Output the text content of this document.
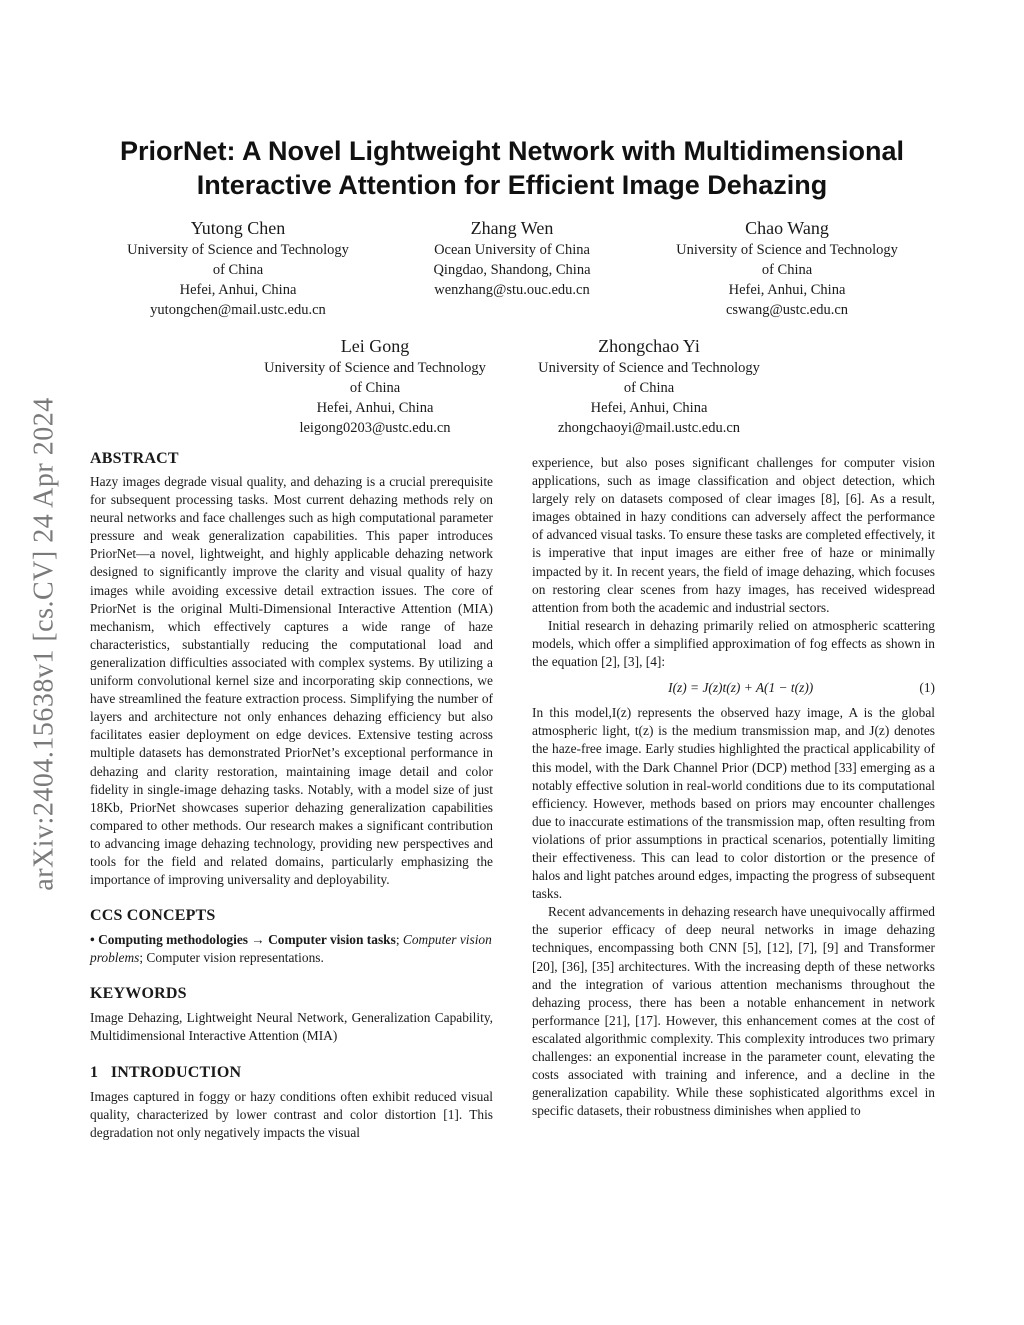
arXiv:2404.15638v1 [cs.CV] 24 Apr 2024
PriorNet: A Novel Lightweight Network with Multidimensional
Interactive Attention for Efficient Image Dehazing
Yutong Chen
University of Science and Technology
of China
Hefei, Anhui, China
yutongchen@mail.ustc.edu.cn
Zhang Wen
Ocean University of China
Qingdao, Shandong, China
wenzhang@stu.ouc.edu.cn
Chao Wang
University of Science and Technology
of China
Hefei, Anhui, China
cswang@ustc.edu.cn
Lei Gong
University of Science and Technology
of China
Hefei, Anhui, China
leigong0203@ustc.edu.cn
Zhongchao Yi
University of Science and Technology
of China
Hefei, Anhui, China
zhongchaoyi@mail.ustc.edu.cn
ABSTRACT

Hazy images degrade visual quality, and dehazing is a crucial prerequisite for subsequent processing tasks. Most current dehazing methods rely on neural networks and face challenges such as high computational parameter pressure and weak generalization capabilities. This paper introduces PriorNet—a novel, lightweight, and highly applicable dehazing network designed to significantly improve the clarity and visual quality of hazy images while avoiding excessive detail extraction issues. The core of PriorNet is the original Multi-Dimensional Interactive Attention (MIA) mechanism, which effectively captures a wide range of haze characteristics, substantially reducing the computational load and generalization difficulties associated with complex systems. By utilizing a uniform convolutional kernel size and incorporating skip connections, we have streamlined the feature extraction process. Simplifying the number of layers and architecture not only enhances dehazing efficiency but also facilitates easier deployment on edge devices. Extensive testing across multiple datasets has demonstrated PriorNet’s exceptional performance in dehazing and clarity restoration, maintaining image detail and color fidelity in single-image dehazing tasks. Notably, with a model size of just 18Kb, PriorNet showcases superior dehazing generalization capabilities compared to other methods. Our research makes a significant contribution to advancing image dehazing technology, providing new perspectives and tools for the field and related domains, particularly emphasizing the importance of improving universality and deployability.

CCS CONCEPTS

• Computing methodologies → Computer vision tasks; Computer vision problems; Computer vision representations.

KEYWORDS

Image Dehazing, Lightweight Neural Network, Generalization Capability, Multidimensional Interactive Attention (MIA)

1 INTRODUCTION

Images captured in foggy or hazy conditions often exhibit reduced visual quality, characterized by lower contrast and color distortion [1]. This degradation not only negatively impacts the visual

experience, but also poses significant challenges for computer vision applications, such as image classification and object detection, which largely rely on datasets composed of clear images [8], [6]. As a result, images obtained in hazy conditions can adversely affect the performance of advanced visual tasks. To ensure these tasks are completed effectively, it is imperative that input images are either free of haze or minimally impacted by it. In recent years, the field of image dehazing, which focuses on restoring clear scenes from hazy images, has received widespread attention from both the academic and industrial sectors.

Initial research in dehazing primarily relied on atmospheric scattering models, which offer a simplified approximation of fog effects as shown in the equation [2], [3], [4]:

I(z) = J(z)t(z) + A(1 − t(z))	(1)

In this model,I(z) represents the observed hazy image, A is the global atmospheric light, t(z) is the medium transmission map, and J(z) denotes the haze-free image. Early studies highlighted the practical applicability of this model, with the Dark Channel Prior (DCP) method [33] emerging as a notably effective solution in real-world conditions due to its computational efficiency. However, methods based on priors may encounter challenges due to inaccurate estimations of the transmission map, often resulting from violations of prior assumptions in practical scenarios, potentially limiting their effectiveness. This can lead to color distortion or the presence of halos and light patches around edges, impacting the progress of subsequent tasks.

Recent advancements in dehazing research have unequivocally affirmed the superior efficacy of deep neural networks in image dehazing techniques, encompassing both CNN [5], [12], [7], [9] and Transformer [20], [36], [35] architectures. With the increasing depth of these networks and the integration of various attention mechanisms throughout the dehazing process, there has been a notable enhancement in network performance [21], [17]. However, this enhancement comes at the cost of escalated algorithmic complexity. This complexity introduces two primary challenges: an exponential increase in the parameter count, elevating the costs associated with training and inference, and a decline in the generalization capability. While these sophisticated algorithms excel in specific datasets, their robustness diminishes when applied to
